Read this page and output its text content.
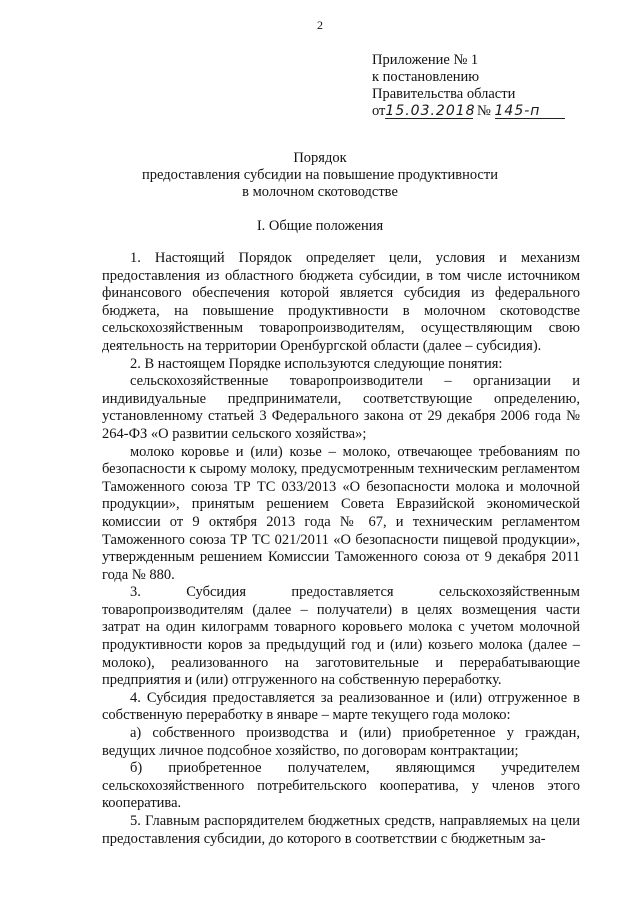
2
Приложение № 1
к постановлению
Правительства области
от15.03.2018 № 145-п
Порядок
предоставления субсидии на повышение продуктивности
в молочном скотоводстве
I. Общие положения

1. Настоящий Порядок определяет цели, условия и механизм предоставления из областного бюджета субсидии, в том числе источником финансового обеспечения которой является субсидия из федерального бюджета, на повышение продуктивности в молочном скотоводстве сельскохозяйственным товаропроизводителям, осуществляющим свою деятельность на территории Оренбургской области (далее – субсидия).

2. В настоящем Порядке используются следующие понятия:

сельскохозяйственные товаропроизводители – организации и индивидуальные предприниматели, соответствующие определению, установленному статьей 3 Федерального закона от 29 декабря 2006 года № 264-ФЗ «О развитии сельского хозяйства»;

молоко коровье и (или) козье – молоко, отвечающее требованиям по безопасности к сырому молоку, предусмотренным техническим регламентом Таможенного союза ТР ТС 033/2013 «О безопасности молока и молочной продукции», принятым решением Совета Евразийской экономической комиссии от 9 октября 2013 года № 67, и техническим регламентом Таможенного союза ТР ТС 021/2011 «О безопасности пищевой продукции», утвержденным решением Комиссии Таможенного союза от 9 декабря 2011 года № 880.

3. Субсидия предоставляется сельскохозяйственным товаропроизводителям (далее – получатели) в целях возмещения части затрат на один килограмм товарного коровьего молока с учетом молочной продуктивности коров за предыдущий год и (или) козьего молока (далее – молоко), реализованного на заготовительные и перерабатывающие предприятия и (или) отгруженного на собственную переработку.

4. Субсидия предоставляется за реализованное и (или) отгруженное в собственную переработку в январе – марте текущего года молоко:

а) собственного производства и (или) приобретенное у граждан, ведущих личное подсобное хозяйство, по договорам контрактации;

б) приобретенное получателем, являющимся учредителем сельскохозяйственного потребительского кооператива, у членов этого кооператива.

5. Главным распорядителем бюджетных средств, направляемых на цели предоставления субсидии, до которого в соответствии с бюджетным за-
